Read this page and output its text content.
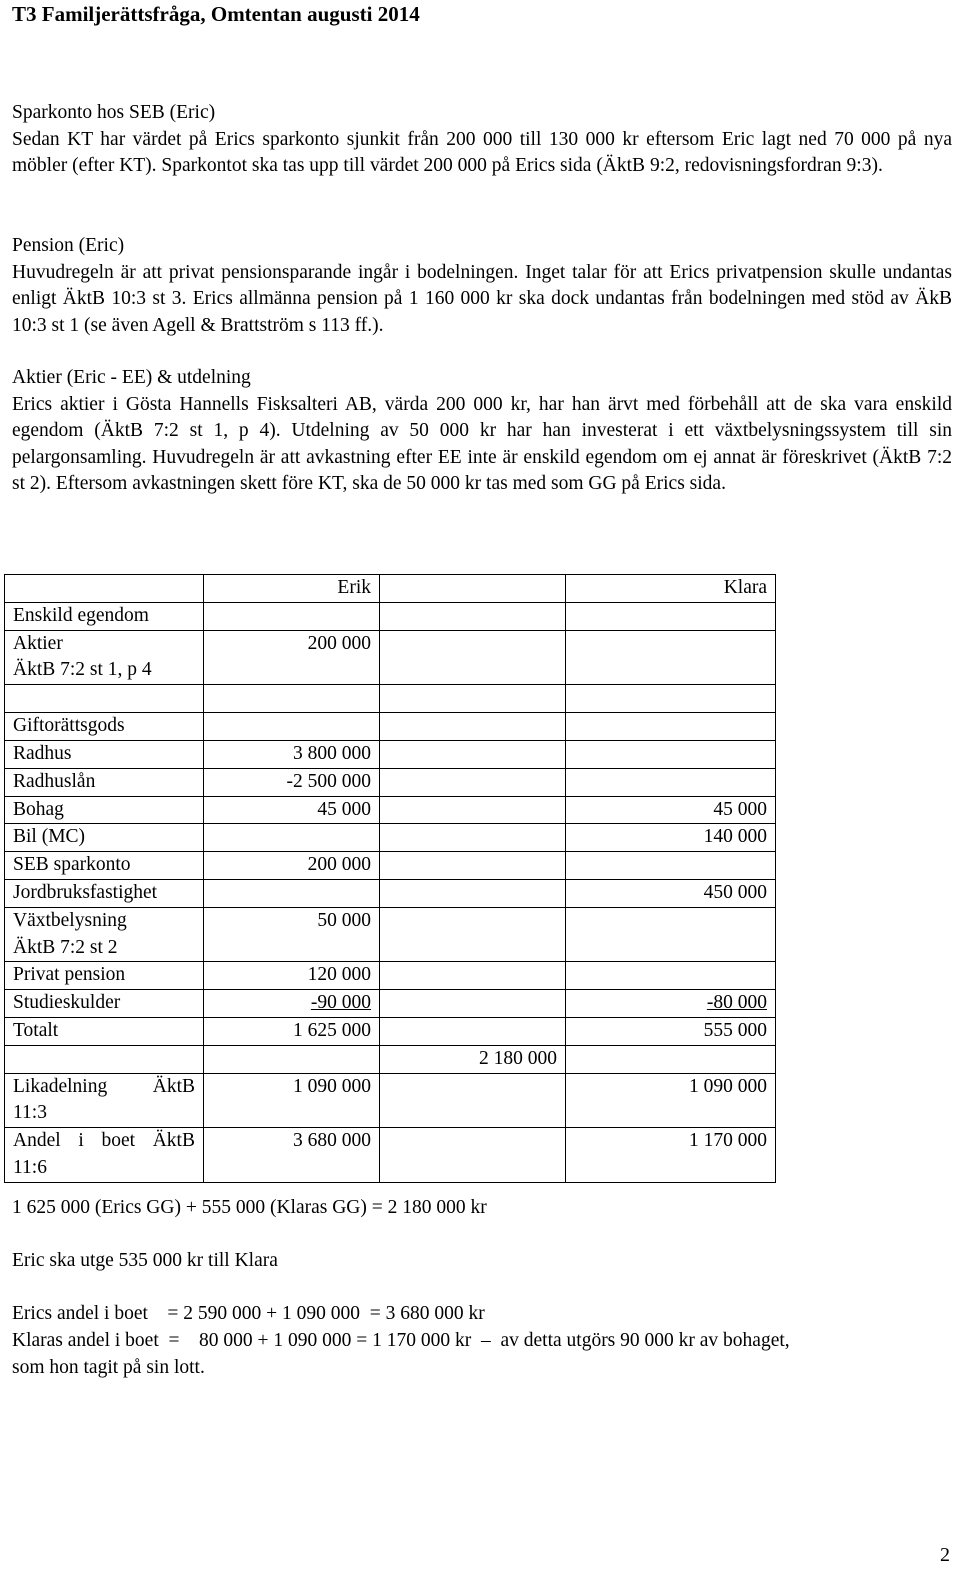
T3 Familjerättsfråga, Omtentan augusti 2014

Sparkonto hos SEB (Eric)

Sedan KT har värdet på Erics sparkonto sjunkit från 200 000 till 130 000 kr eftersom Eric lagt ned 70 000 på nya möbler (efter KT). Sparkontot ska tas upp till värdet 200 000 på Erics sida (ÄktB 9:2, redovisningsfordran 9:3).

Pension (Eric)

Huvudregeln är att privat pensionsparande ingår i bodelningen. Inget talar för att Erics privatpension skulle undantas enligt ÄktB 10:3 st 3. Erics allmänna pension på 1 160 000 kr ska dock undantas från bodelningen med stöd av ÄkB 10:3 st 1 (se även Agell & Brattström s 113 ff.).

Aktier (Eric - EE) & utdelning

Erics aktier i Gösta Hannells Fisksalteri AB, värda 200 000 kr, har han ärvt med förbehåll att de ska vara enskild egendom (ÄktB 7:2 st 1, p 4). Utdelning av 50 000 kr har han investerat i ett växtbelysningssystem till sin pelargonsamling. Huvudregeln är att avkastning efter EE inte är enskild egendom om ej annat är föreskrivet (ÄktB 7:2 st 2). Eftersom avkastningen skett före KT, ska de 50 000 kr tas med som GG på Erics sida.

	Erik		Klara
Enskild egendom			

Aktier
ÄktB 7:2 st 1, p 4	200 000		

Giftorättsgods			
Radhus	3 800 000		
Radhuslån	-2 500 000		
Bohag	45 000		45 000
Bil (MC)			140 000
SEB sparkonto	200 000		
Jordbruksfastighet			450 000

Växtbelysning
ÄktB 7:2 st 2	50 000		
Privat pension	120 000		
Studieskulder	-90 000		-80 000
Totalt	1 625 000		555 000
		2 180 000	

Likadelning ÄktB
11:3	1 090 000		1 090 000

Andel i boet ÄktB
11:6	3 680 000		1 170 000
1 625 000 (Erics GG) + 555 000 (Klaras GG) = 2 180 000 kr
Eric ska utge 535 000 kr till Klara
Erics andel i boet    = 2 590 000 + 1 090 000  = 3 680 000 kr
Klaras andel i boet  =    80 000 + 1 090 000 = 1 170 000 kr  –  av detta utgörs 90 000 kr av bohaget,
som hon tagit på sin lott.
2
